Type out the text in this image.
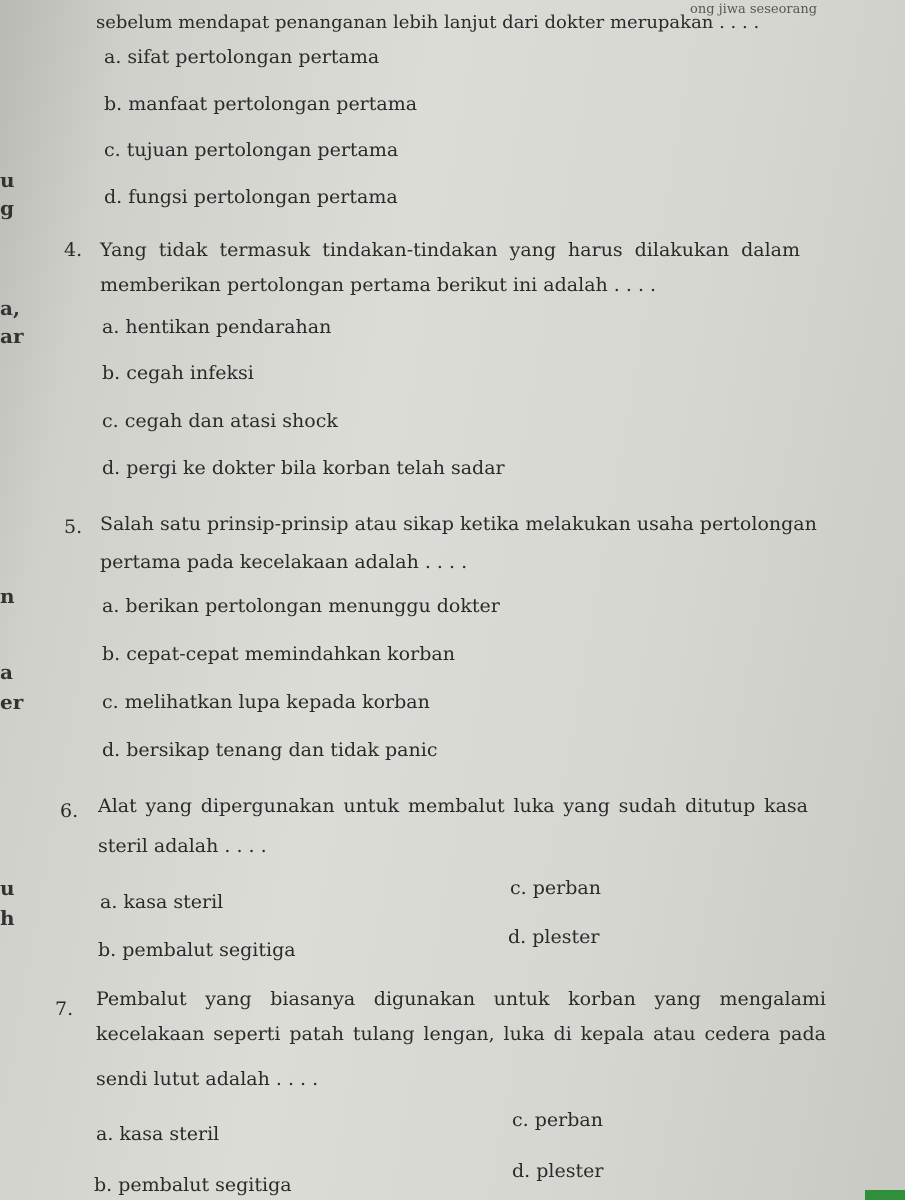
ong jiwa seseorang
sebelum mendapat penanganan lebih lanjut dari dokter merupakan . . . .
a. sifat pertolongan pertama
b. manfaat pertolongan pertama
c. tujuan pertolongan pertama
d. fungsi pertolongan pertama
4. Yang tidak termasuk tindakan-tindakan yang harus dilakukan dalam
memberikan pertolongan pertama berikut ini adalah . . . .
a. hentikan pendarahan
b. cegah infeksi
c. cegah dan atasi shock
d. pergi ke dokter bila korban telah sadar
5. Salah satu prinsip-prinsip atau sikap ketika melakukan usaha pertolongan
pertama pada kecelakaan adalah . . . .
a. berikan pertolongan menunggu dokter
b. cepat-cepat memindahkan korban
c. melihatkan lupa kepada korban
d. bersikap tenang dan tidak panic
6. Alat yang dipergunakan untuk membalut luka yang sudah ditutup kasa
steril adalah . . . .
a. kasa steril
b. pembalut segitiga
c. perban
d. plester
7. Pembalut yang biasanya digunakan untuk korban yang mengalami
kecelakaan seperti patah tulang lengan, luka di kepala atau cedera pada
sendi lutut adalah . . . .
a. kasa steril
b. pembalut segitiga
c. perban
d. plester
u
g
a,
ar
n
a
er
u
h
